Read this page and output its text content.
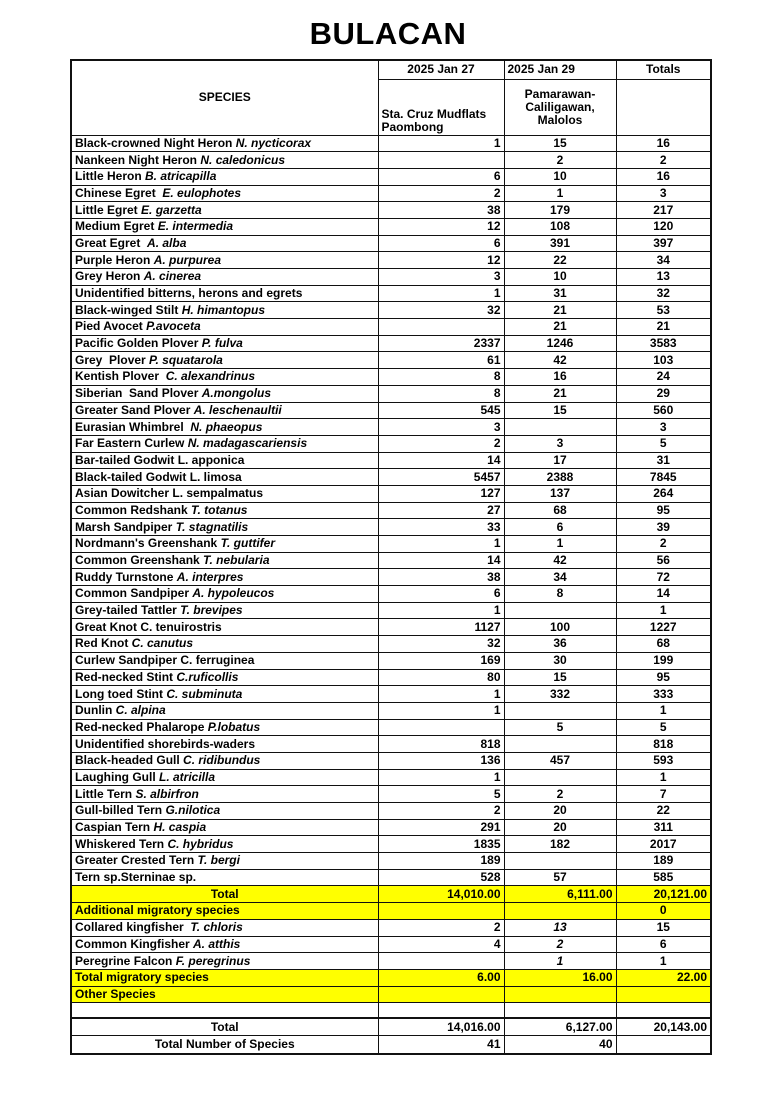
BULACAN
SPECIES	2025 Jan 27	2025 Jan 29	Totals
	Sta. Cruz Mudflats Paombong	Pamarawan-Caliligawan, Malolos	
Black-crowned Night Heron N. nycticorax	1	15	16
Nankeen Night Heron N. caledonicus		2	2
Little Heron B. atricapilla	6	10	16
Chinese Egret  E. eulophotes	2	1	3
Little Egret E. garzetta	38	179	217
Medium Egret E. intermedia	12	108	120
Great Egret  A. alba	6	391	397
Purple Heron A. purpurea	12	22	34
Grey Heron A. cinerea	3	10	13
Unidentified bitterns, herons and egrets	1	31	32
Black-winged Stilt H. himantopus	32	21	53
Pied Avocet P.avoceta		21	21
Pacific Golden Plover P. fulva	2337	1246	3583
Grey  Plover P. squatarola	61	42	103
Kentish Plover  C. alexandrinus	8	16	24
Siberian  Sand Plover A.mongolus	8	21	29
Greater Sand Plover A. leschenaultii	545	15	560
Eurasian Whimbrel  N. phaeopus	3		3
Far Eastern Curlew N. madagascariensis	2	3	5
Bar-tailed Godwit L. apponica	14	17	31
Black-tailed Godwit L. limosa	5457	2388	7845
Asian Dowitcher L. sempalmatus	127	137	264
Common Redshank T. totanus	27	68	95
Marsh Sandpiper T. stagnatilis	33	6	39
Nordmann's Greenshank T. guttifer	1	1	2
Common Greenshank T. nebularia	14	42	56
Ruddy Turnstone A. interpres	38	34	72
Common Sandpiper A. hypoleucos	6	8	14
Grey-tailed Tattler T. brevipes	1		1
Great Knot C. tenuirostris	1127	100	1227
Red Knot C. canutus	32	36	68
Curlew Sandpiper C. ferruginea	169	30	199
Red-necked Stint C.ruficollis	80	15	95
Long toed Stint C. subminuta	1	332	333
Dunlin C. alpina	1		1
Red-necked Phalarope P.lobatus		5	5
Unidentified shorebirds-waders	818		818
Black-headed Gull C. ridibundus	136	457	593
Laughing Gull L. atricilla	1		1
Little Tern S. albirfron	5	2	7
Gull-billed Tern G.nilotica	2	20	22
Caspian Tern H. caspia	291	20	311
Whiskered Tern C. hybridus	1835	182	2017
Greater Crested Tern T. bergi	189		189
Tern sp.Sterninae sp.	528	57	585
Total	14,010.00	6,111.00	20,121.00
Additional migratory species			0
Collared kingfisher  T. chloris	2	13	15
Common Kingfisher A. atthis	4	2	6
Peregrine Falcon F. peregrinus		1	1
Total migratory species	6.00	16.00	22.00
Other Species			

Total	14,016.00	6,127.00	20,143.00
Total Number of Species	41	40	
